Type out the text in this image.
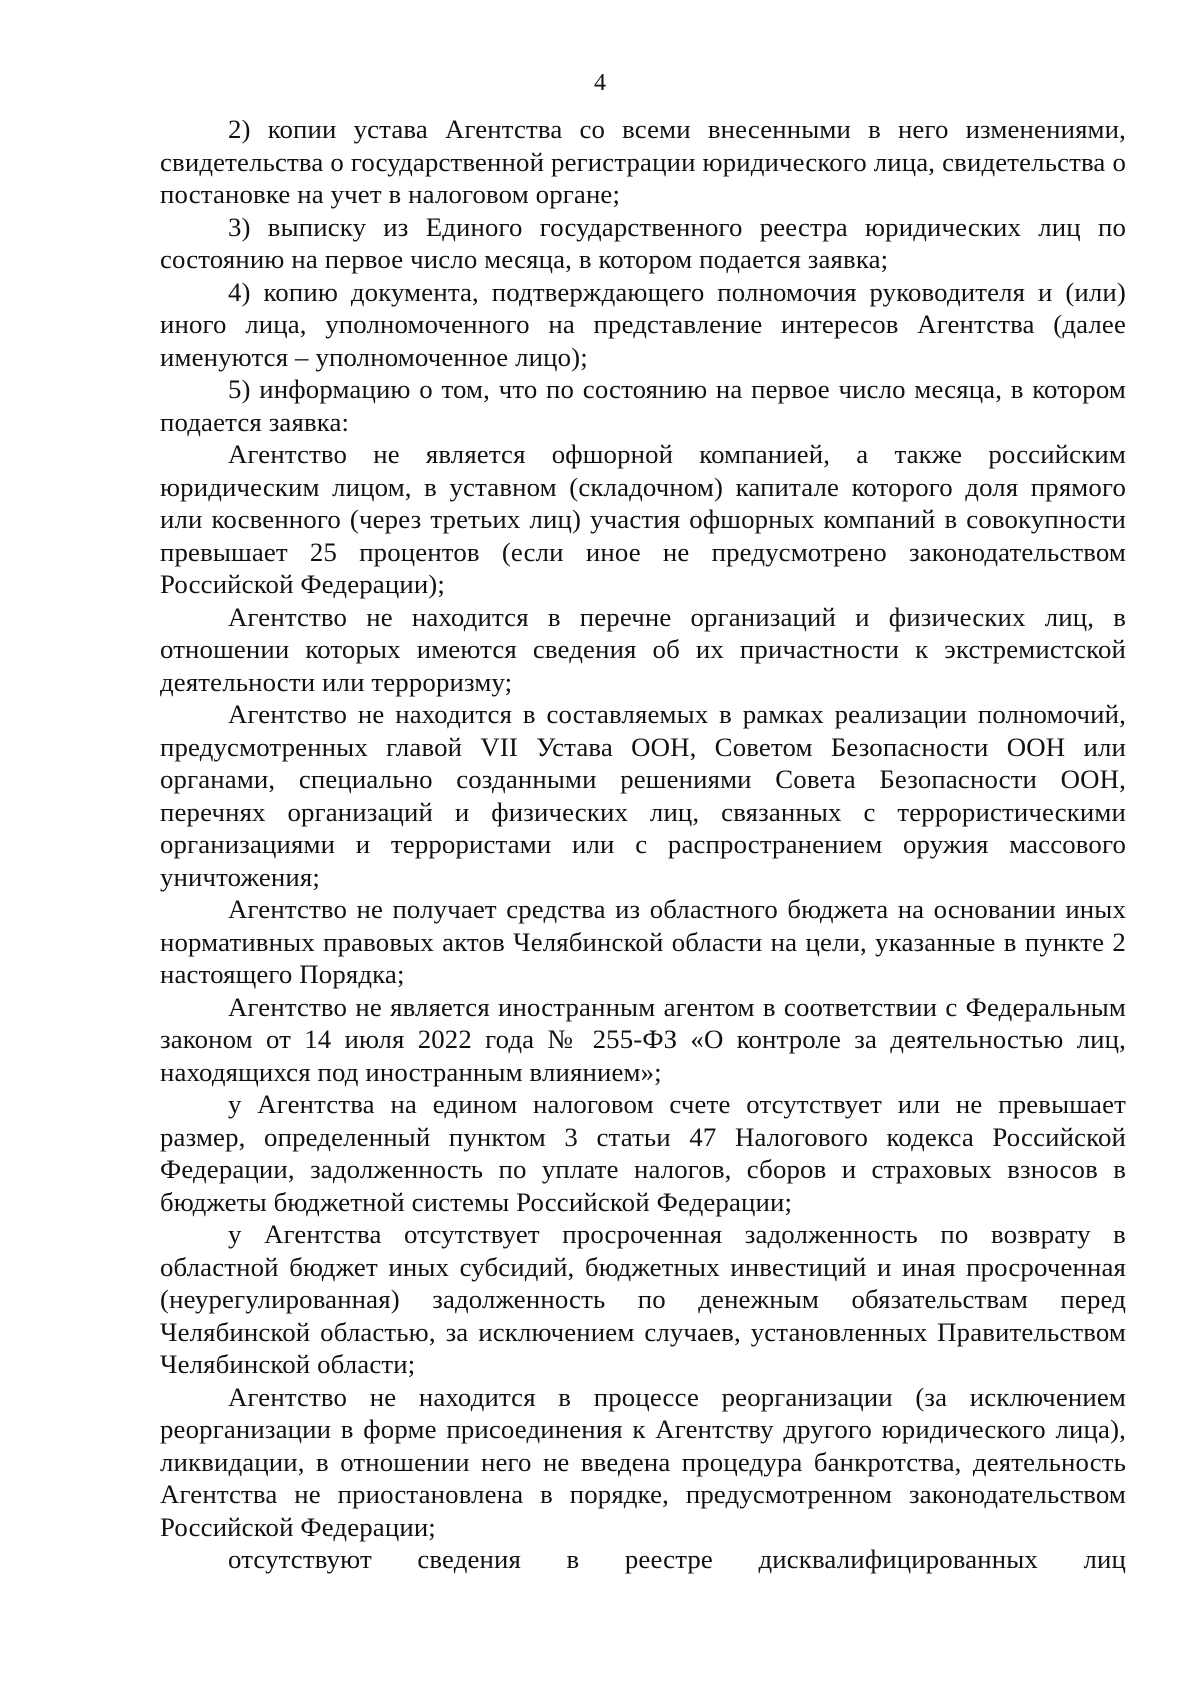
4

2) копии устава Агентства со всеми внесенными в него изменениями, свидетельства о государственной регистрации юридического лица, свидетельства о постановке на учет в налоговом органе;

3) выписку из Единого государственного реестра юридических лиц по состоянию на первое число месяца, в котором подается заявка;

4) копию документа, подтверждающего полномочия руководителя и (или) иного лица, уполномоченного на представление интересов Агентства (далее именуются – уполномоченное лицо);

5) информацию о том, что по состоянию на первое число месяца, в котором подается заявка:

Агентство не является офшорной компанией, а также российским юридическим лицом, в уставном (складочном) капитале которого доля прямого или косвенного (через третьих лиц) участия офшорных компаний в совокупности превышает 25 процентов (если иное не предусмотрено законодательством Российской Федерации);

Агентство не находится в перечне организаций и физических лиц, в отношении которых имеются сведения об их причастности к экстремистской деятельности или терроризму;

Агентство не находится в составляемых в рамках реализации полномочий, предусмотренных главой VII Устава ООН, Советом Безопасности ООН или органами, специально созданными решениями Совета Безопасности ООН, перечнях организаций и физических лиц, связанных с террористическими организациями и террористами или с распространением оружия массового уничтожения;

Агентство не получает средства из областного бюджета на основании иных нормативных правовых актов Челябинской области на цели, указанные в пункте 2 настоящего Порядка;

Агентство не является иностранным агентом в соответствии с Федеральным законом от 14 июля 2022 года № 255-ФЗ «О контроле за деятельностью лиц, находящихся под иностранным влиянием»;

у Агентства на едином налоговом счете отсутствует или не превышает размер, определенный пунктом 3 статьи 47 Налогового кодекса Российской Федерации, задолженность по уплате налогов, сборов и страховых взносов в бюджеты бюджетной системы Российской Федерации;

у Агентства отсутствует просроченная задолженность по возврату в областной бюджет иных субсидий, бюджетных инвестиций и иная просроченная (неурегулированная) задолженность по денежным обязательствам перед Челябинской областью, за исключением случаев, установленных Правительством Челябинской области;

Агентство не находится в процессе реорганизации (за исключением реорганизации в форме присоединения к Агентству другого юридического лица), ликвидации, в отношении него не введена процедура банкротства, деятельность Агентства не приостановлена в порядке, предусмотренном законодательством Российской Федерации;

отсутствуют сведения в реестре дисквалифицированных лиц
